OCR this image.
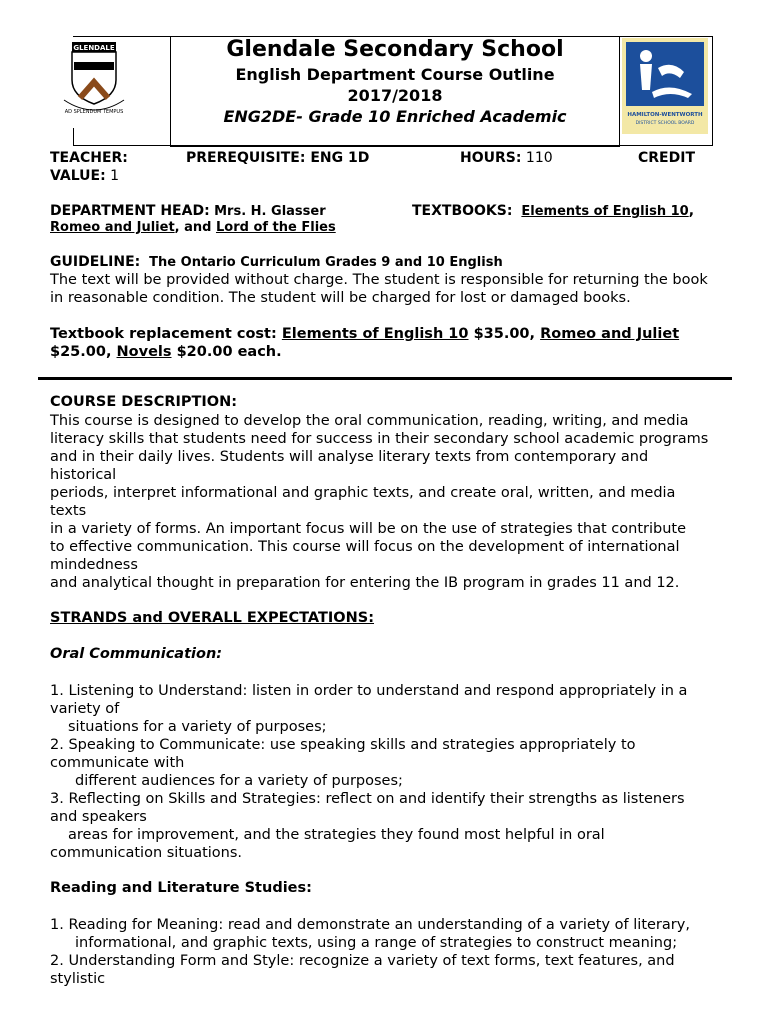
GLENDALE
AD SPLENDUM TEMPUS
Glendale Secondary School
English Department Course Outline
2017/2018
ENG2DE- Grade 10 Enriched Academic	HAMILTON-WENTWORTH
DISTRICT SCHOOL BOARD
TEACHER:	PREREQUISITE: ENG 1D	HOURS: 110	CREDIT
VALUE: 1
DEPARTMENT HEAD: Mrs. H. Glasser	TEXTBOOKS: Elements of English 10,
Romeo and Juliet, and Lord of the Flies
GUIDELINE: The Ontario Curriculum Grades 9 and 10 English
The text will be provided without charge. The student is responsible for returning the book
in reasonable condition. The student will be charged for lost or damaged books.
Textbook replacement cost: Elements of English 10 $35.00, Romeo and Juliet
$25.00, Novels $20.00 each.
COURSE DESCRIPTION:
This course is designed to develop the oral communication, reading, writing, and media
literacy skills that students need for success in their secondary school academic programs
and in their daily lives. Students will analyse literary texts from contemporary and
historical
periods, interpret informational and graphic texts, and create oral, written, and media
texts
in a variety of forms. An important focus will be on the use of strategies that contribute
to effective communication. This course will focus on the development of international
mindedness
and analytical thought in preparation for entering the IB program in grades 11 and 12.
STRANDS and OVERALL EXPECTATIONS:
Oral Communication:
1. Listening to Understand: listen in order to understand and respond appropriately in a
variety of
situations for a variety of purposes;
2. Speaking to Communicate: use speaking skills and strategies appropriately to
communicate with
different audiences for a variety of purposes;
3. Reflecting on Skills and Strategies: reflect on and identify their strengths as listeners
and speakers
areas for improvement, and the strategies they found most helpful in oral
communication situations.
Reading and Literature Studies:
1. Reading for Meaning: read and demonstrate an understanding of a variety of literary,
informational, and graphic texts, using a range of strategies to construct meaning;
2. Understanding Form and Style: recognize a variety of text forms, text features, and
stylistic
